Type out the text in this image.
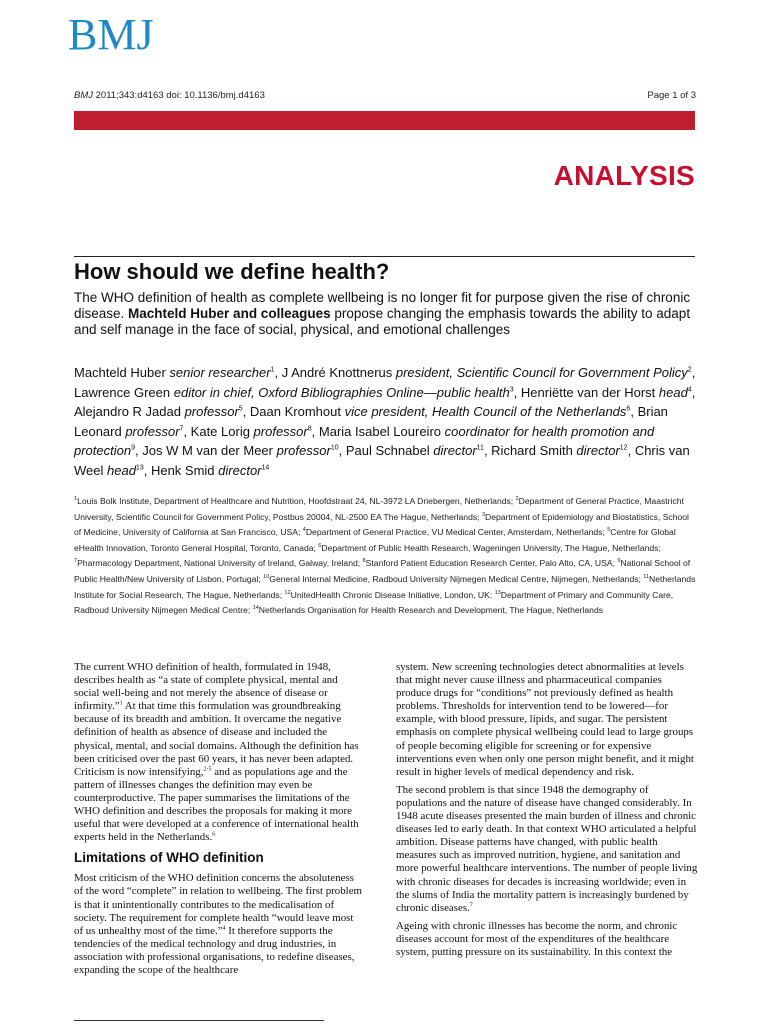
BMJ
BMJ 2011;343:d4163 doi: 10.1136/bmj.d4163	Page 1 of 3
ANALYSIS
How should we define health?
The WHO definition of health as complete wellbeing is no longer fit for purpose given the rise of chronic disease. Machteld Huber and colleagues propose changing the emphasis towards the ability to adapt and self manage in the face of social, physical, and emotional challenges
Machteld Huber senior researcher$^1$, J André Knottnerus president, Scientific Council for Government Policy$^2$, Lawrence Green editor in chief, Oxford Bibliographies Online—public health$^3$, Henriëtte van der Horst head$^4$, Alejandro R Jadad professor$^5$, Daan Kromhout vice president, Health Council of the Netherlands$^6$, Brian Leonard professor$^7$, Kate Lorig professor$^8$, Maria Isabel Loureiro coordinator for health promotion and protection$^9$, Jos W M van der Meer professor$^{10}$, Paul Schnabel director$^{11}$, Richard Smith director$^{12}$, Chris van Weel head$^{13}$, Henk Smid director$^{14}$
$^1$Louis Bolk Institute, Department of Healthcare and Nutrition, Hoofdstraat 24, NL-3972 LA Driebergen, Netherlands; $^2$Department of General Practice, Maastricht University, Scientific Council for Government Policy, Postbus 20004, NL-2500 EA The Hague, Netherlands; $^3$Department of Epidemiology and Biostatistics, School of Medicine, University of California at San Francisco, USA; $^4$Department of General Practice, VU Medical Center, Amsterdam, Netherlands; $^5$Centre for Global eHealth Innovation, Toronto General Hospital, Toronto, Canada; $^6$Department of Public Health Research, Wageningen University, The Hague, Netherlands; $^7$Pharmacology Department, National University of Ireland, Galway, Ireland; $^8$Stanford Patient Education Research Center, Palo Alto, CA, USA; $^9$National School of Public Health/New University of Lisbon, Portugal; $^{10}$General Internal Medicine, Radboud University Nijmegen Medical Centre, Nijmegen, Netherlands; $^{11}$Netherlands Institute for Social Research, The Hague, Netherlands; $^{12}$UnitedHealth Chronic Disease Initiative, London, UK; $^{13}$Department of Primary and Community Care, Radboud University Nijmegen Medical Centre; $^{14}$Netherlands Organisation for Health Research and Development, The Hague, Netherlands

The current WHO definition of health, formulated in 1948, describes health as “a state of complete physical, mental and social well-being and not merely the absence of disease or infirmity.”$^1$ At that time this formulation was groundbreaking because of its breadth and ambition. It overcame the negative definition of health as absence of disease and included the physical, mental, and social domains. Although the definition has been criticised over the past 60 years, it has never been adapted. Criticism is now intensifying,$^{2-5}$ and as populations age and the pattern of illnesses changes the definition may even be counterproductive. The paper summarises the limitations of the WHO definition and describes the proposals for making it more useful that were developed at a conference of international health experts held in the Netherlands.$^6$

Limitations of WHO definition

Most criticism of the WHO definition concerns the absoluteness of the word “complete” in relation to wellbeing. The first problem is that it unintentionally contributes to the medicalisation of society. The requirement for complete health “would leave most of us unhealthy most of the time.”$^4$ It therefore supports the tendencies of the medical technology and drug industries, in association with professional organisations, to redefine diseases, expanding the scope of the healthcare

system. New screening technologies detect abnormalities at levels that might never cause illness and pharmaceutical companies produce drugs for “conditions” not previously defined as health problems. Thresholds for intervention tend to be lowered—for example, with blood pressure, lipids, and sugar. The persistent emphasis on complete physical wellbeing could lead to large groups of people becoming eligible for screening or for expensive interventions even when only one person might benefit, and it might result in higher levels of medical dependency and risk.

The second problem is that since 1948 the demography of populations and the nature of disease have changed considerably. In 1948 acute diseases presented the main burden of illness and chronic diseases led to early death. In that context WHO articulated a helpful ambition. Disease patterns have changed, with public health measures such as improved nutrition, hygiene, and sanitation and more powerful healthcare interventions. The number of people living with chronic diseases for decades is increasing worldwide; even in the slums of India the mortality pattern is increasingly burdened by chronic diseases.$^7$

Ageing with chronic illnesses has become the norm, and chronic diseases account for most of the expenditures of the healthcare system, putting pressure on its sustainability. In this context the
